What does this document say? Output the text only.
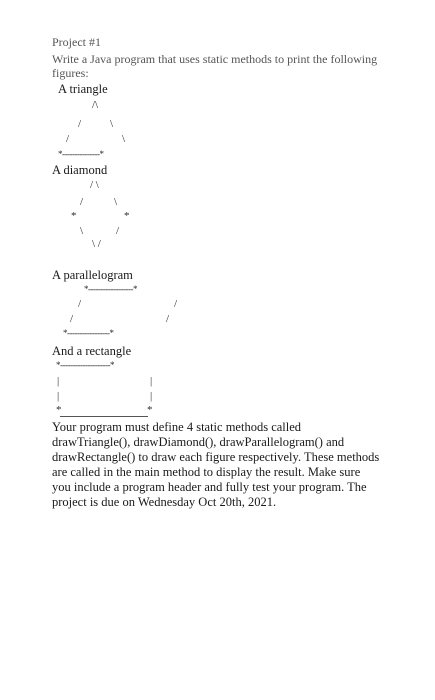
Project #1
Write a Java program that uses static methods to print the following figures:
A triangle
/\
/	\
/	\
*---------------*
A diamond
/ \
/	\
*	*
\	/
\ /
A parallelogram
*------------------*
/	/
/	/
*-----------------*
And a rectangle
*--------------------*
|	|
|	|
*	*

Your program must define 4 static methods called drawTriangle(), drawDiamond(), drawParallelogram() and drawRectangle() to draw each figure respectively. These methods are called in the main method to display the result. Make sure you include a program header and fully test your program. The project is due on Wednesday Oct 20th, 2021.
